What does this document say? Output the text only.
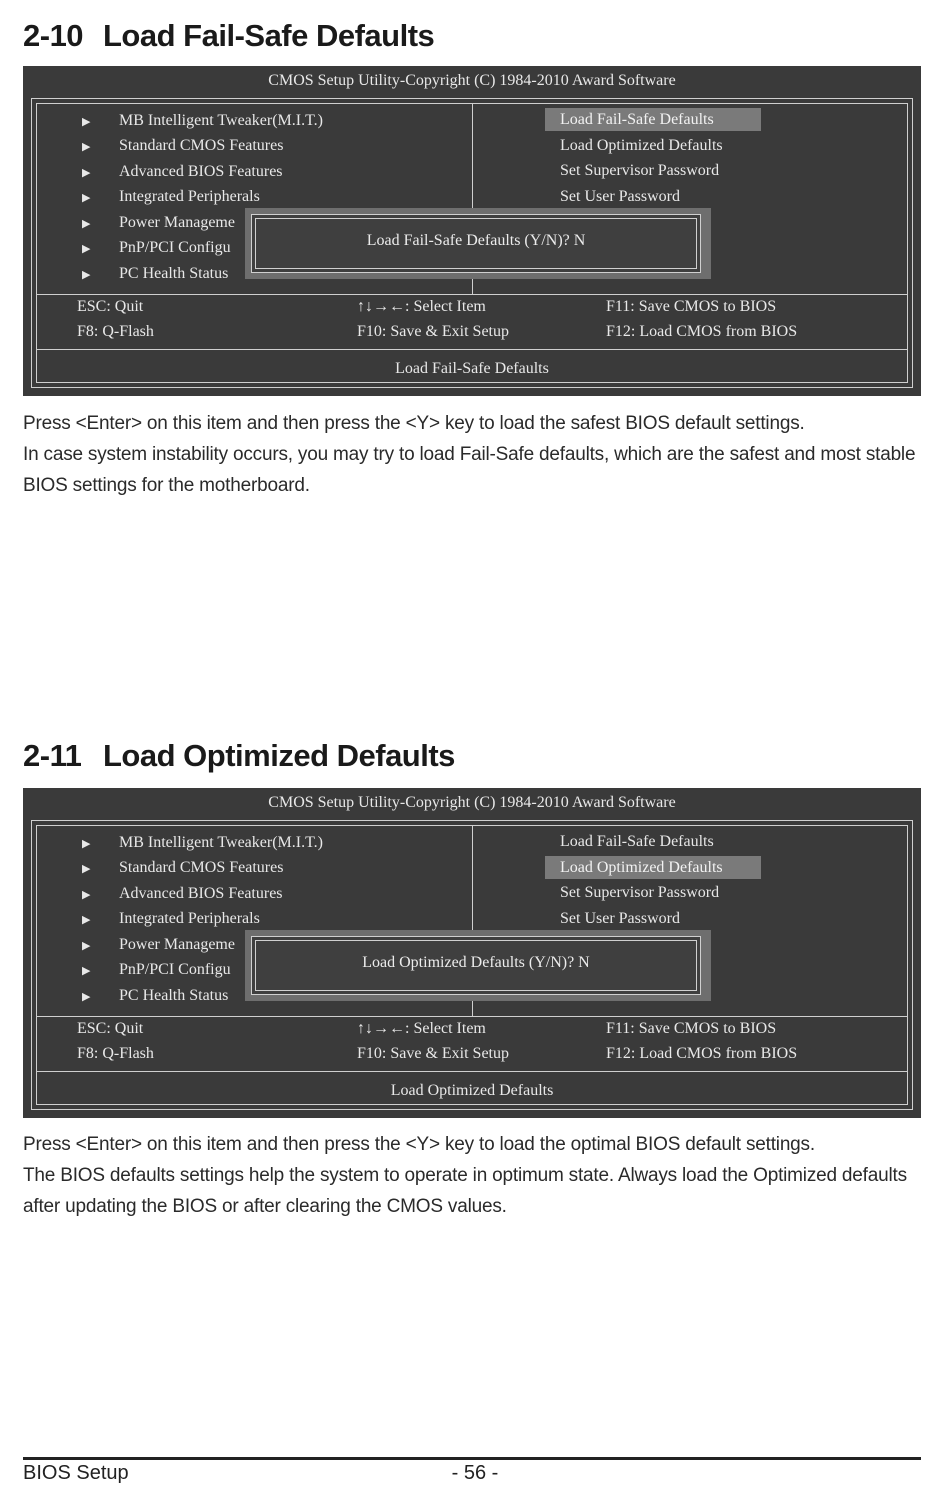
2-10 Load Fail-Safe Defaults
CMOS Setup Utility-Copyright (C) 1984-2010 Award Software
▶ MB Intelligent Tweaker(M.I.T.)
▶ Standard CMOS Features
▶ Advanced BIOS Features
▶ Integrated Peripherals
▶ Power Manageme
▶ PnP/PCI Configu
▶ PC Health Status
Load Fail-Safe Defaults
Load Optimized Defaults
Set Supervisor Password
Set User Password
Load Fail-Safe Defaults (Y/N)? N
ESC: Quit	↑↓→←: Select Item	F11: Save CMOS to BIOS
F8: Q-Flash	F10: Save & Exit Setup	F12: Load CMOS from BIOS
Load Fail-Safe Defaults
Press <Enter> on this item and then press the <Y> key to load the safest BIOS default settings.
In case system instability occurs, you may try to load Fail-Safe defaults, which are the safest and most stable BIOS settings for the motherboard.
2-11 Load Optimized Defaults
CMOS Setup Utility-Copyright (C) 1984-2010 Award Software
▶ MB Intelligent Tweaker(M.I.T.)
▶ Standard CMOS Features
▶ Advanced BIOS Features
▶ Integrated Peripherals
▶ Power Manageme
▶ PnP/PCI Configu
▶ PC Health Status
Load Fail-Safe Defaults
Load Optimized Defaults
Set Supervisor Password
Set User Password
Load Optimized Defaults (Y/N)? N
ESC: Quit	↑↓→←: Select Item	F11: Save CMOS to BIOS
F8: Q-Flash	F10: Save & Exit Setup	F12: Load CMOS from BIOS
Load Optimized Defaults
Press <Enter> on this item and then press the <Y> key to load the optimal BIOS default settings.
The BIOS defaults settings help the system to operate in optimum state. Always load the Optimized defaults after updating the BIOS or after clearing the CMOS values.
BIOS Setup	- 56 -
